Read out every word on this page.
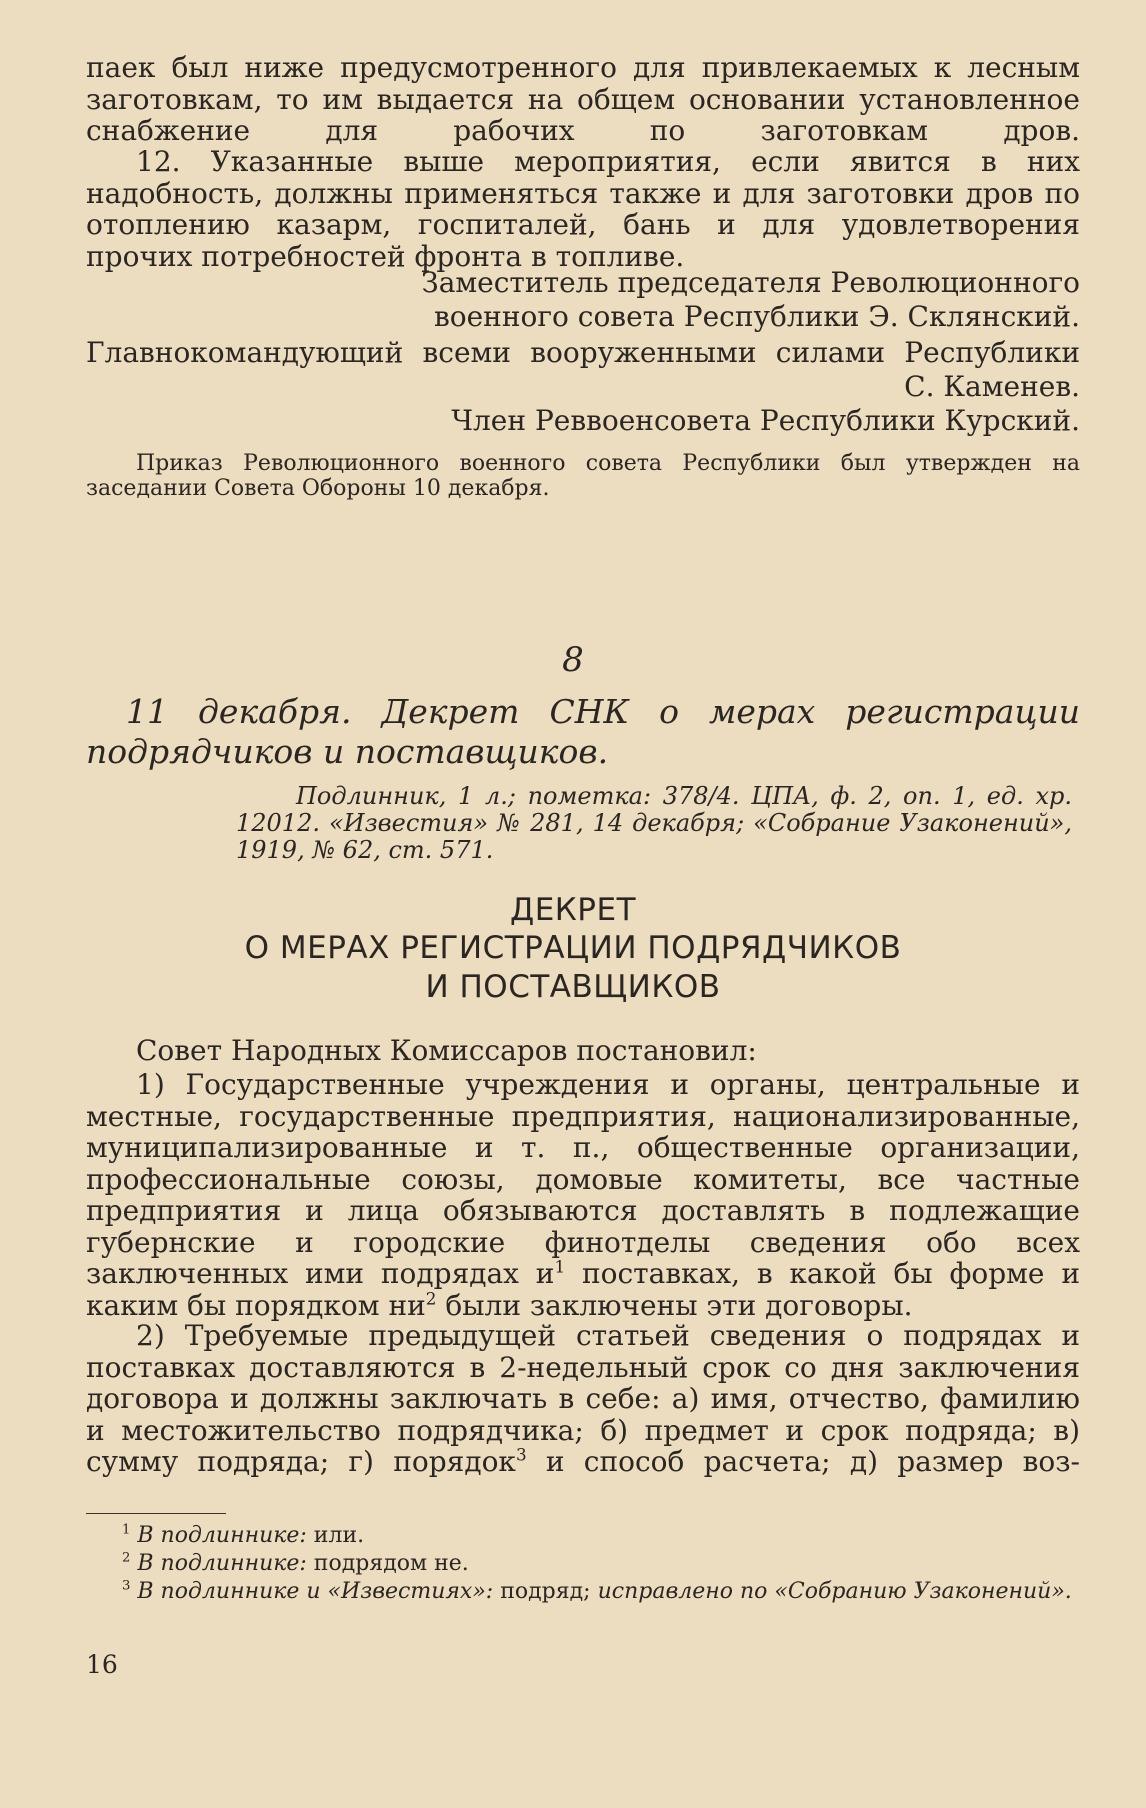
паек был ниже предусмотренного для привлекаемых к лесным заготовкам, то им выдается на общем основании установленное снабжение для рабочих по заготовкам дров.
12. Указанные выше мероприятия, если явится в них надобность, должны применяться также и для заготовки дров по отоплению казарм, госпиталей, бань и для удовлетворения прочих потребностей фронта в топливе.
Заместитель председателя Революционного
военного совета Республики Э. Склянский.
Главнокомандующий всеми вооруженными силами Республики
С. Каменев.
Член Реввоенсовета Республики Курский.
Приказ Революционного военного совета Республики был утвержден на заседании Совета Обороны 10 декабря.
8
11 декабря. Декрет СНК о мерах регистрации подрядчиков и поставщиков.
Подлинник, 1 л.; пометка: 378/4. ЦПА, ф. 2, оп. 1, ед. хр. 12012. «Известия» № 281, 14 декабря; «Собрание Узаконений», 1919, № 62, ст. 571.
ДЕКРЕТ
О МЕРАХ РЕГИСТРАЦИИ ПОДРЯДЧИКОВ
И ПОСТАВЩИКОВ
Совет Народных Комиссаров постановил:
1) Государственные учреждения и органы, центральные и местные, государственные предприятия, национализированные, муниципализированные и т. п., общественные организации, профессиональные союзы, домовые комитеты, все частные предприятия и лица обязываются доставлять в подлежащие губернские и городские финотделы сведения обо всех заключенных ими подрядах $и^1$ поставках, в какой бы форме и каким бы порядком $ни^2$ были заключены эти договоры.
2) Требуемые предыдущей статьей сведения о подрядах и поставках доставляются в 2-недельный срок со дня заключения договора и должны заключать в себе: а) имя, отчество, фамилию и местожительство подрядчика; б) предмет и срок подряда; в) сумму подряда; г) порядок$^3$ и способ расчета; д) размер воз-
$^1$ В подлиннике: или.
$^2$ В подлиннике: подрядом не.
$^3$ В подлиннике и «Известиях»: подряд; исправлено по «Собранию Узаконений».
16
